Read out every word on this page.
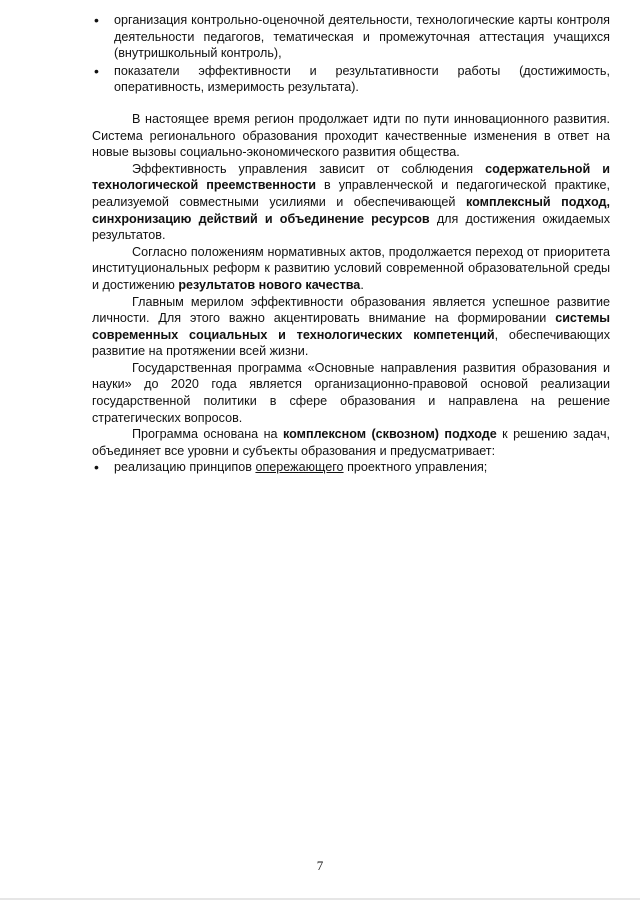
• организация контрольно-оценочной деятельности, технологические карты контроля деятельности педагогов, тематическая и промежуточная аттестация учащихся (внутришкольный контроль),
• показатели эффективности и результативности работы (достижимость, оперативность, измеримость результата).

В настоящее время регион продолжает идти по пути инновационного развития. Система регионального образования проходит качественные изменения в ответ на новые вызовы социально-экономического развития общества.

Эффективность управления зависит от соблюдения содержательной и технологической преемственности в управленческой и педагогической практике, реализуемой совместными усилиями и обеспечивающей комплексный подход, синхронизацию действий и объединение ресурсов для достижения ожидаемых результатов.

Согласно положениям нормативных актов, продолжается переход от приоритета институциональных реформ к развитию условий современной образовательной среды и достижению результатов нового качества.

Главным мерилом эффективности образования является успешное развитие личности. Для этого важно акцентировать внимание на формировании системы современных социальных и технологических компетенций, обеспечивающих развитие на протяжении всей жизни.

Государственная программа «Основные направления развития образования и науки» до 2020 года является организационно-правовой основой реализации государственной политики в сфере образования и направлена на решение стратегических вопросов.

Программа основана на комплексном (сквозном) подходе к решению задач, объединяет все уровни и субъекты образования и предусматривает:

• реализацию принципов опережающего проектного управления;
7
